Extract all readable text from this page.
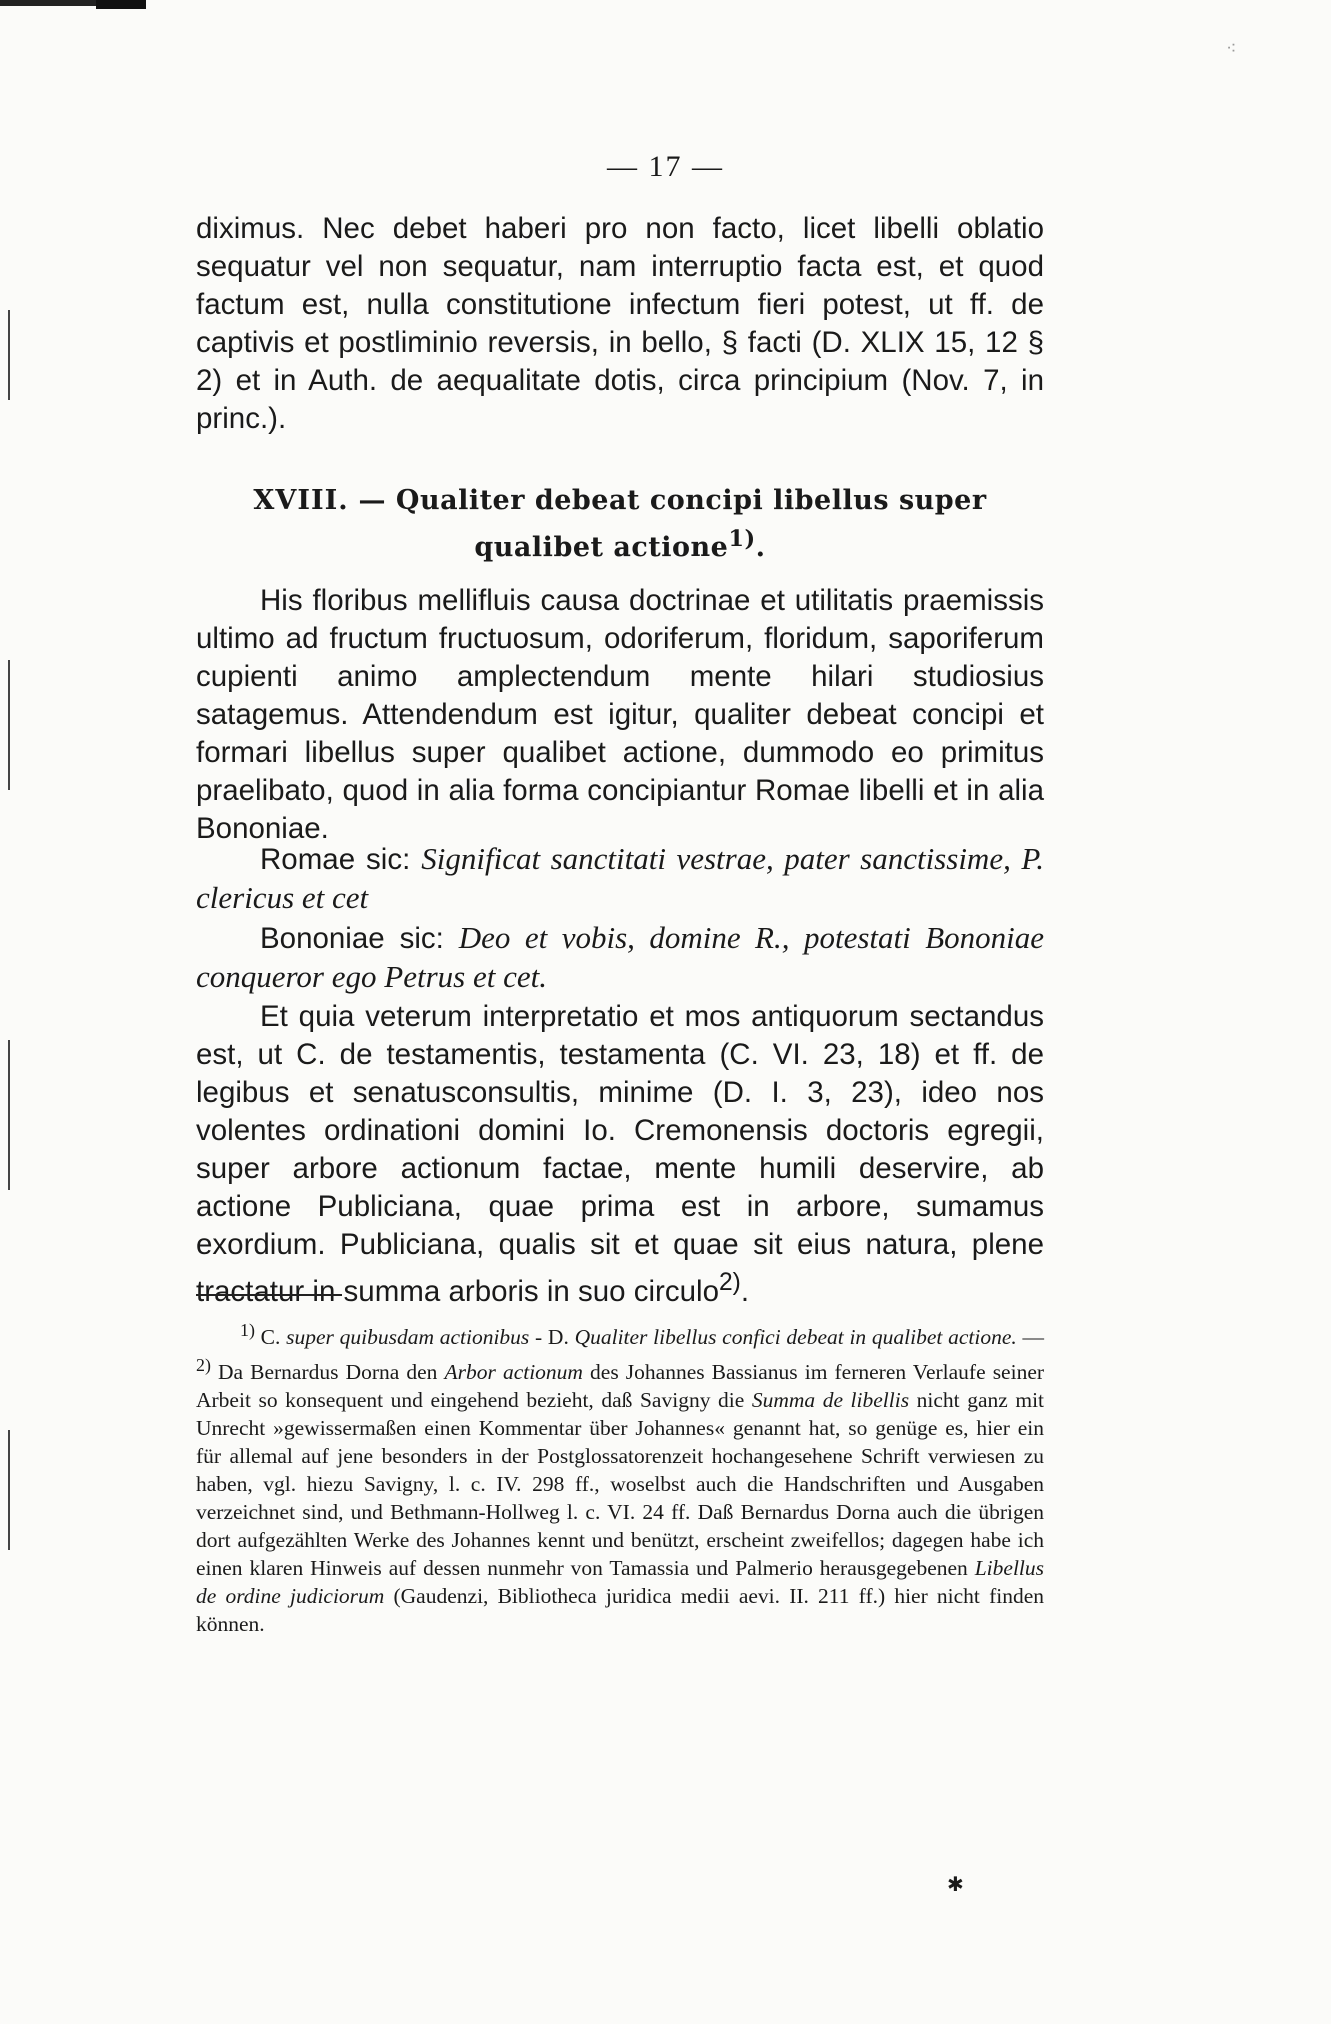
⁖
— 17 —

diximus. Nec debet haberi pro non facto, licet libelli oblatio sequatur vel non sequatur, nam interruptio facta est, et quod factum est, nulla constitutione infectum fieri potest, ut ff. de captivis et postliminio reversis, in bello, § facti (D. XLIX 15, 12 § 2) et in Auth. de aequalitate dotis, circa principium (Nov. 7, in princ.).

XVIII. — Qualiter debeat concipi libellus super qualibet actione$^{1)}$.

His floribus mellifluis causa doctrinae et utilitatis praemissis ultimo ad fructum fructuosum, odoriferum, floridum, saporiferum cupienti animo amplectendum mente hilari studiosius satagemus. Attendendum est igitur, qualiter debeat concipi et formari libellus super qualibet actione, dummodo eo primitus praelibato, quod in alia forma concipiantur Romae libelli et in alia Bononiae.

Romae sic: Significat sanctitati vestrae, pater sanctissime, P. clericus et cet

Bononiae sic: Deo et vobis, domine R., potestati Bononiae conqueror ego Petrus et cet.

Et quia veterum interpretatio et mos antiquorum sectandus est, ut C. de testamentis, testamenta (C. VI. 23, 18) et ff. de legibus et senatusconsultis, minime (D. I. 3, 23), ideo nos volentes ordinationi domini Io. Cremonensis doctoris egregii, super arbore actionum factae, mente humili deservire, ab actione Publiciana, quae prima est in arbore, sumamus exordium. Publiciana, qualis sit et quae sit eius natura, plene tractatur in summa arboris in suo circulo$^{2)}$.

$^{1)}$ C. super quibusdam actionibus - D. Qualiter libellus confici debeat in qualibet actione. — $^{2)}$ Da Bernardus Dorna den Arbor actionum des Johannes Bassianus im ferneren Verlaufe seiner Arbeit so konsequent und eingehend bezieht, daß Savigny die Summa de libellis nicht ganz mit Unrecht »gewissermaßen einen Kommentar über Johannes« genannt hat, so genüge es, hier ein für allemal auf jene besonders in der Postglossatorenzeit hochangesehene Schrift verwiesen zu haben, vgl. hiezu Savigny, l. c. IV. 298 ff., woselbst auch die Handschriften und Ausgaben verzeichnet sind, und Bethmann-Hollweg l. c. VI. 24 ff. Daß Bernardus Dorna auch die übrigen dort aufgezählten Werke des Johannes kennt und benützt, erscheint zweifellos; dagegen habe ich einen klaren Hinweis auf dessen nunmehr von Tamassia und Palmerio herausgegebenen Libellus de ordine judiciorum (Gaudenzi, Bibliotheca juridica medii aevi. II. 211 ff.) hier nicht finden können.

✱
